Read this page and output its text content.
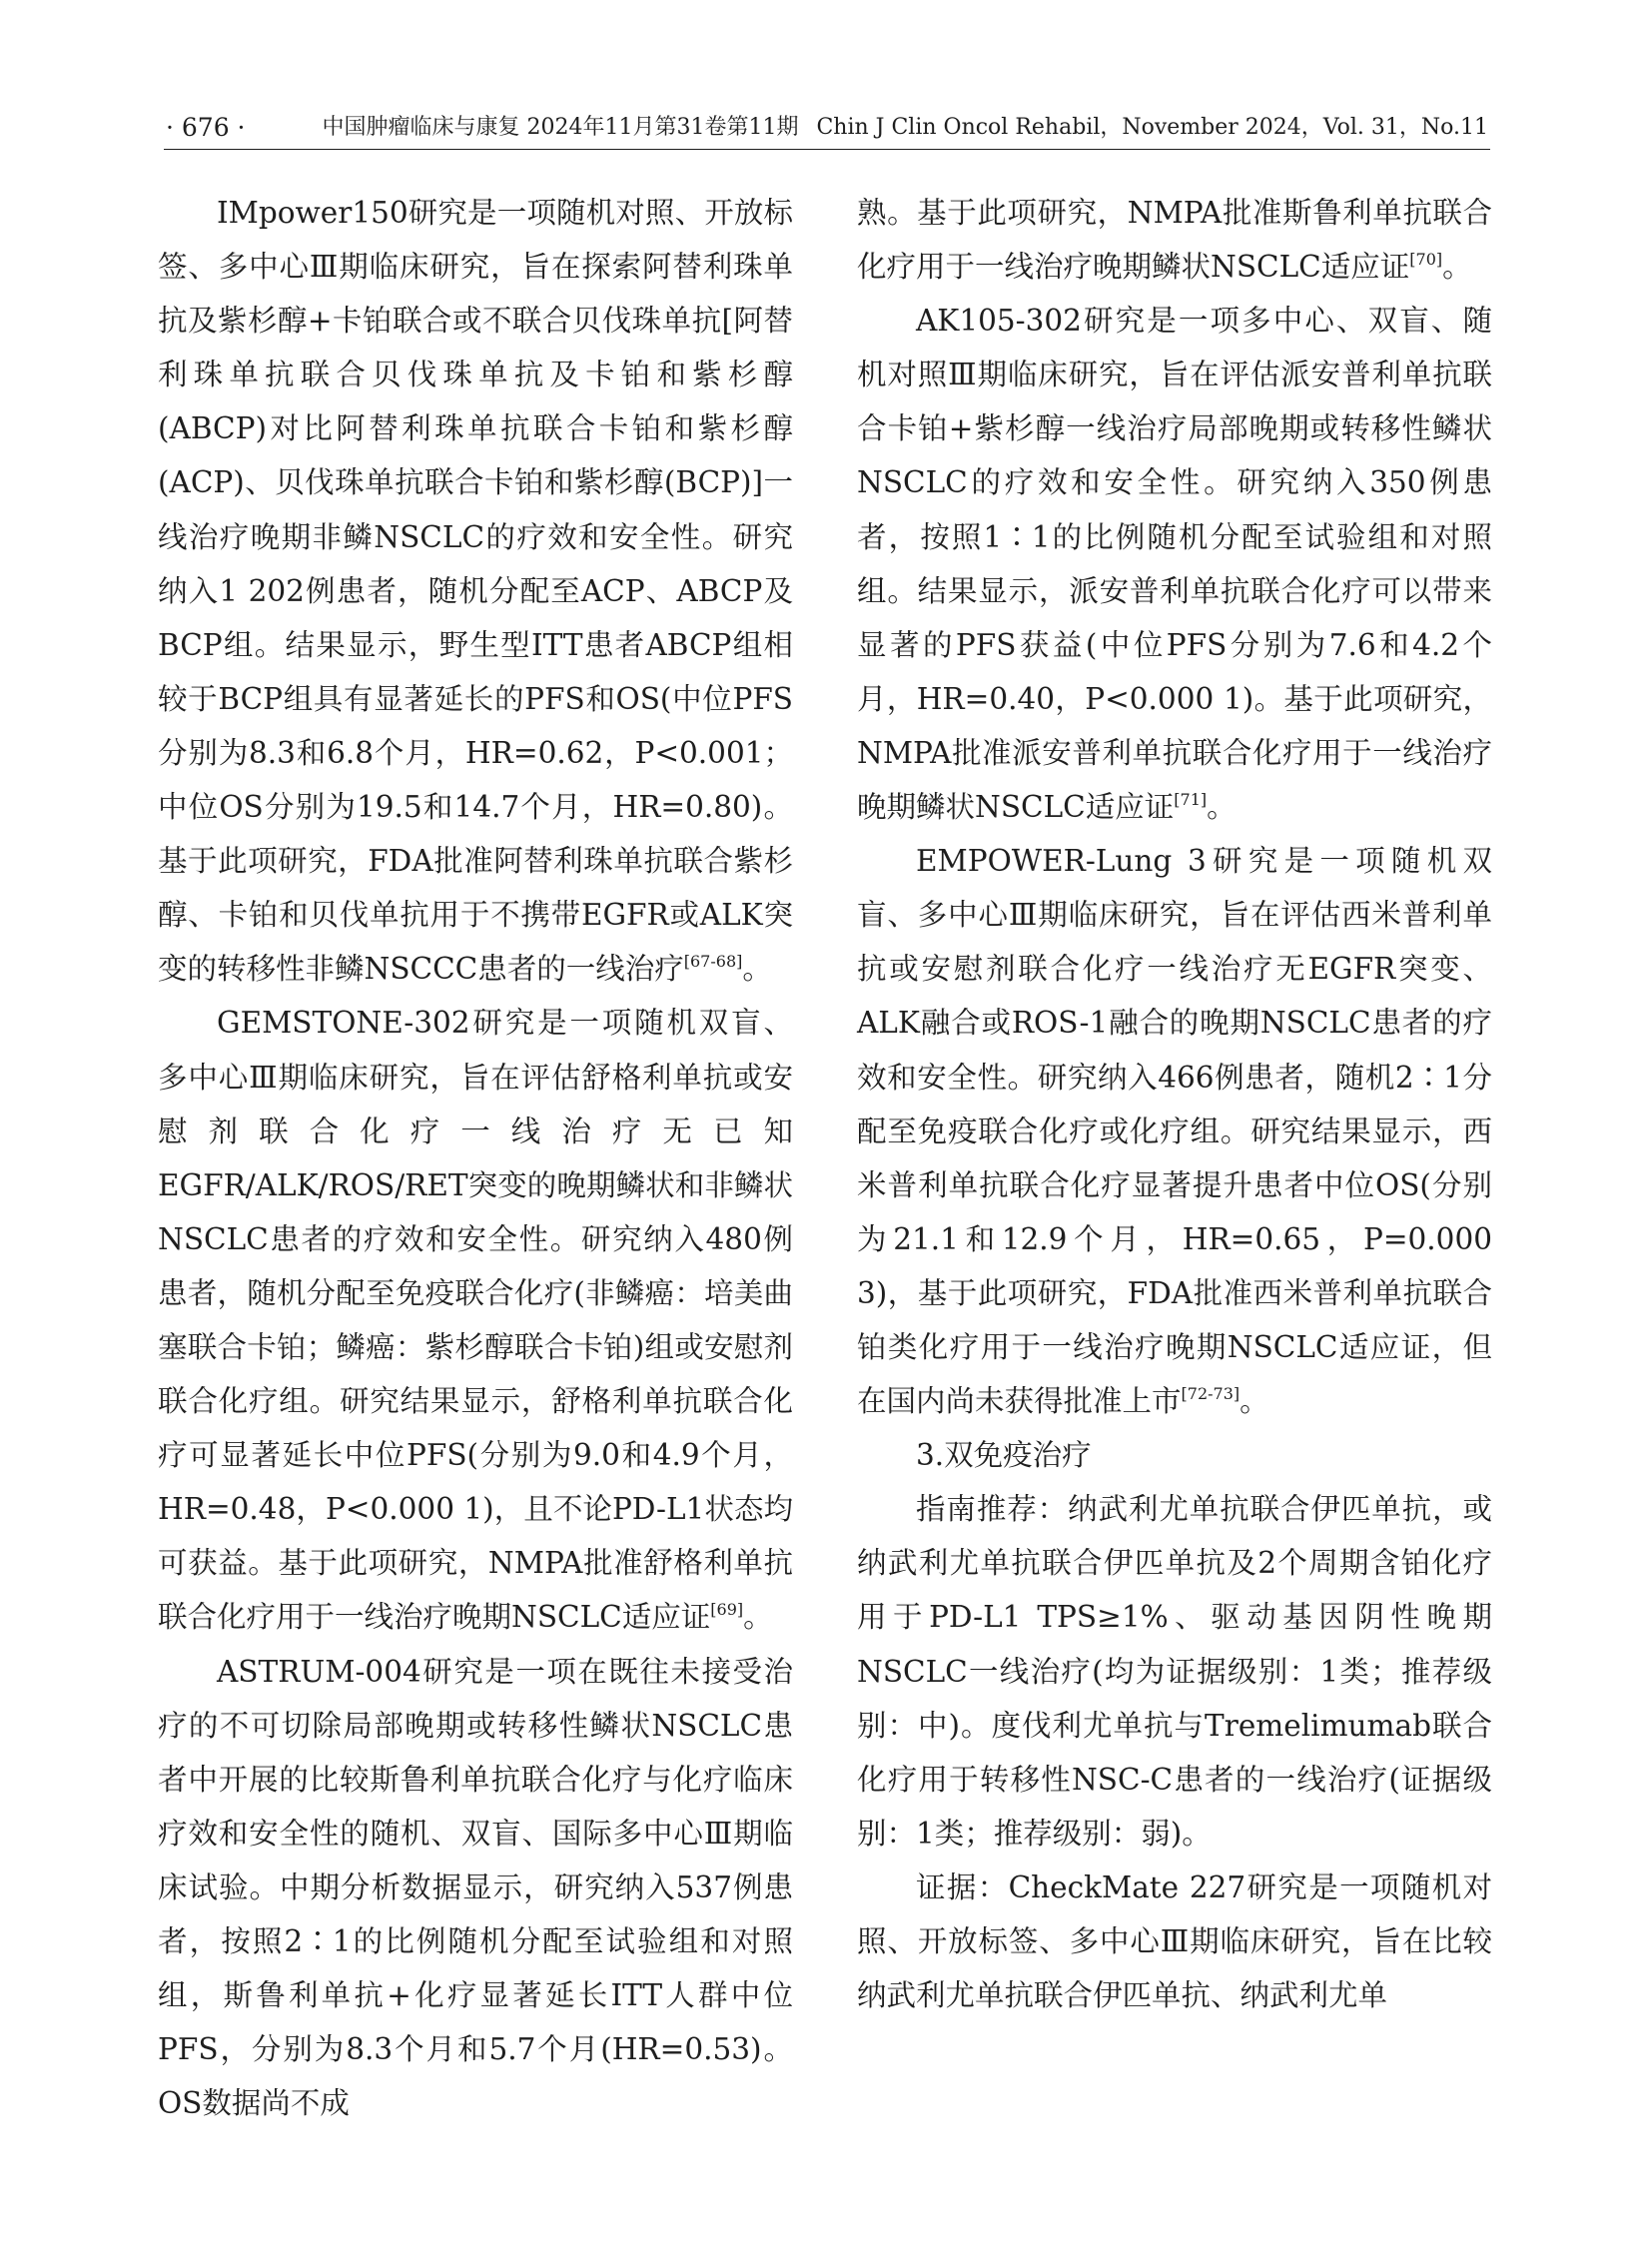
· 676 ·	中国肿瘤临床与康复 2024年11月第31卷第11期 Chin J Clin Oncol Rehabil，November 2024，Vol. 31，No.11

IMpower150研究是一项随机对照、开放标签、多中心Ⅲ期临床研究，旨在探索阿替利珠单抗及紫杉醇+卡铂联合或不联合贝伐珠单抗[阿替利珠单抗联合贝伐珠单抗及卡铂和紫杉醇(ABCP)对比阿替利珠单抗联合卡铂和紫杉醇(ACP)、贝伐珠单抗联合卡铂和紫杉醇(BCP)]一线治疗晚期非鳞NSCLC的疗效和安全性。研究纳入1 202例患者，随机分配至ACP、ABCP及BCP组。结果显示，野生型ITT患者ABCP组相较于BCP组具有显著延长的PFS和OS(中位PFS分别为8.3和6.8个月，HR=0.62，P<0.001；中位OS分别为19.5和14.7个月，HR=0.80)。基于此项研究，FDA批准阿替利珠单抗联合紫杉醇、卡铂和贝伐单抗用于不携带EGFR或ALK突变的转移性非鳞NSCCC患者的一线治疗[67-68]。

GEMSTONE-302研究是一项随机双盲、多中心Ⅲ期临床研究，旨在评估舒格利单抗或安慰剂联合化疗一线治疗无已知EGFR/ALK/ROS/RET突变的晚期鳞状和非鳞状NSCLC患者的疗效和安全性。研究纳入480例患者，随机分配至免疫联合化疗(非鳞癌：培美曲塞联合卡铂；鳞癌：紫杉醇联合卡铂)组或安慰剂联合化疗组。研究结果显示，舒格利单抗联合化疗可显著延长中位PFS(分别为9.0和4.9个月，HR=0.48，P<0.000 1)，且不论PD-L1状态均可获益。基于此项研究，NMPA批准舒格利单抗联合化疗用于一线治疗晚期NSCLC适应证[69]。

ASTRUM-004研究是一项在既往未接受治疗的不可切除局部晚期或转移性鳞状NSCLC患者中开展的比较斯鲁利单抗联合化疗与化疗临床疗效和安全性的随机、双盲、国际多中心Ⅲ期临床试验。中期分析数据显示，研究纳入537例患者，按照2∶1的比例随机分配至试验组和对照组，斯鲁利单抗+化疗显著延长ITT人群中位PFS，分别为8.3个月和5.7个月(HR=0.53)。OS数据尚不成

熟。基于此项研究，NMPA批准斯鲁利单抗联合化疗用于一线治疗晚期鳞状NSCLC适应证[70]。

AK105-302研究是一项多中心、双盲、随机对照Ⅲ期临床研究，旨在评估派安普利单抗联合卡铂+紫杉醇一线治疗局部晚期或转移性鳞状NSCLC的疗效和安全性。研究纳入350例患者，按照1∶1的比例随机分配至试验组和对照组。结果显示，派安普利单抗联合化疗可以带来显著的PFS获益(中位PFS分别为7.6和4.2个月，HR=0.40，P<0.000 1)。基于此项研究，NMPA批准派安普利单抗联合化疗用于一线治疗晚期鳞状NSCLC适应证[71]。

EMPOWER-Lung 3研究是一项随机双盲、多中心Ⅲ期临床研究，旨在评估西米普利单抗或安慰剂联合化疗一线治疗无EGFR突变、ALK融合或ROS-1融合的晚期NSCLC患者的疗效和安全性。研究纳入466例患者，随机2∶1分配至免疫联合化疗或化疗组。研究结果显示，西米普利单抗联合化疗显著提升患者中位OS(分别为21.1和12.9个月，HR=0.65，P=0.000 3)，基于此项研究，FDA批准西米普利单抗联合铂类化疗用于一线治疗晚期NSCLC适应证，但在国内尚未获得批准上市[72-73]。

3.双免疫治疗

指南推荐：纳武利尤单抗联合伊匹单抗，或纳武利尤单抗联合伊匹单抗及2个周期含铂化疗用于PD-L1 TPS≥1%、驱动基因阴性晚期NSCLC一线治疗(均为证据级别：1类；推荐级别：中)。度伐利尤单抗与Tremelimumab联合化疗用于转移性NSC-C患者的一线治疗(证据级别：1类；推荐级别：弱)。

证据：CheckMate 227研究是一项随机对照、开放标签、多中心Ⅲ期临床研究，旨在比较纳武利尤单抗联合伊匹单抗、纳武利尤单
